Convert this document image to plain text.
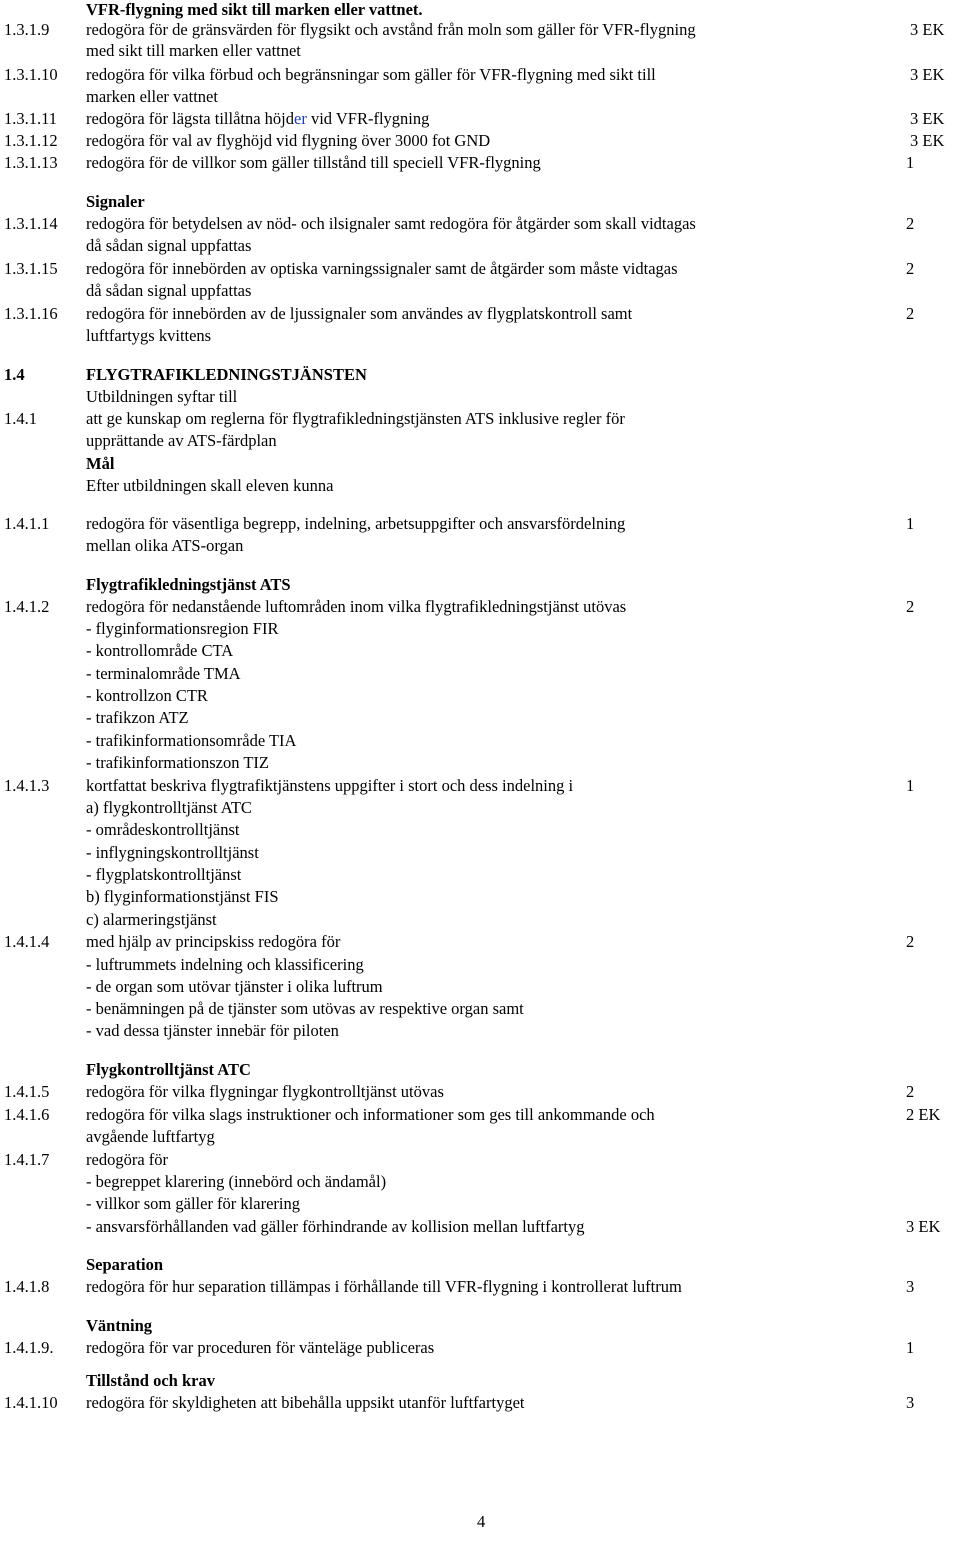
VFR-flygning med sikt till marken eller vattnet.
1.3.1.9 redogöra för de gränsvärden för flygsikt och avstånd från moln som gäller för VFR-flygning	3 EK
med sikt till marken eller vattnet
1.3.1.10 redogöra för vilka förbud och begränsningar som gäller för VFR-flygning med sikt till	3 EK
marken eller vattnet
1.3.1.11 redogöra för lägsta tillåtna höjder vid VFR-flygning	3 EK
1.3.1.12 redogöra för val av flyghöjd vid flygning över 3000 fot GND	3 EK
1.3.1.13 redogöra för de villkor som gäller tillstånd till speciell VFR-flygning	1
Signaler
1.3.1.14 redogöra för betydelsen av nöd- och ilsignaler samt redogöra för åtgärder som skall vidtagas	2
då sådan signal uppfattas
1.3.1.15 redogöra för innebörden av optiska varningssignaler samt de åtgärder som måste vidtagas	2
då sådan signal uppfattas
1.3.1.16 redogöra för innebörden av de ljussignaler som användes av flygplatskontroll samt	2
luftfartygs kvittens
1.4	FLYGTRAFIKLEDNINGSTJÄNSTEN
Utbildningen syftar till
1.4.1	att ge kunskap om reglerna för flygtrafikledningstjänsten ATS inklusive regler för
upprättande av ATS-färdplan
Mål
Efter utbildningen skall eleven kunna
1.4.1.1 redogöra för väsentliga begrepp, indelning, arbetsuppgifter och ansvarsfördelning	1
mellan olika ATS-organ
Flygtrafikledningstjänst ATS
1.4.1.2 redogöra för nedanstående luftområden inom vilka flygtrafikledningstjänst utövas	2
- flyginformationsregion FIR
- kontrollområde CTA
- terminalområde TMA
- kontrollzon CTR
- trafikzon ATZ
- trafikinformationsområde TIA
- trafikinformationszon TIZ
1.4.1.3 kortfattat beskriva flygtrafiktjänstens uppgifter i stort och dess indelning i	1
a) flygkontrolltjänst ATC
- områdeskontrolltjänst
- inflygningskontrolltjänst
- flygplatskontrolltjänst
b) flyginformationstjänst FIS
c) alarmeringstjänst
1.4.1.4 med hjälp av principskiss redogöra för	2
- luftrummets indelning och klassificering
- de organ som utövar tjänster i olika luftrum
- benämningen på de tjänster som utövas av respektive organ samt
- vad dessa tjänster innebär för piloten
Flygkontrolltjänst ATC
1.4.1.5 redogöra för vilka flygningar flygkontrolltjänst utövas	2
1.4.1.6 redogöra för vilka slags instruktioner och informationer som ges till ankommande och	2 EK
avgående luftfartyg
1.4.1.7 redogöra för
- begreppet klarering (innebörd och ändamål)
- villkor som gäller för klarering
- ansvarsförhållanden vad gäller förhindrande av kollision mellan luftfartyg	3 EK
Separation
1.4.1.8 redogöra för hur separation tillämpas i förhållande till VFR-flygning i kontrollerat luftrum	3
Väntning
1.4.1.9. redogöra för var proceduren för vänteläge publiceras	1
Tillstånd och krav
1.4.1.10 redogöra för skyldigheten att bibehålla uppsikt utanför luftfartyget	3
4
